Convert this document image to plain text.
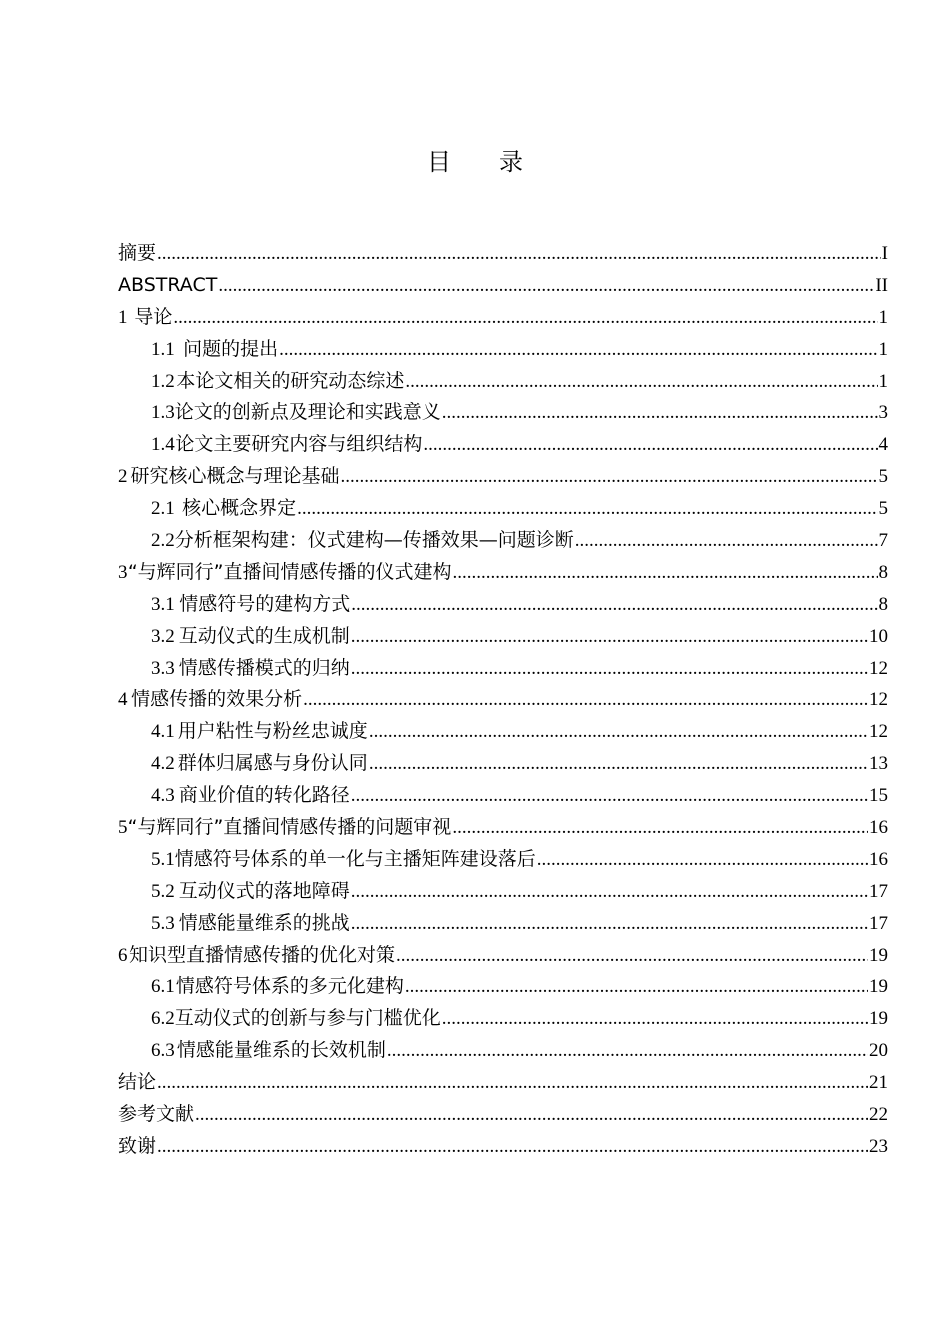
目录
摘要 .....	I
ABSTRACT .....	II
1 导论 .....	1
1.1 问题的提出 .....	1
1.2 本论文相关的研究动态综述 .....	1
1.3 论文的创新点及理论和实践意义 .....	3
1.4 论文主要研究内容与组织结构 .....	4
2 研究核心概念与理论基础 .....	5
2.1 核心概念界定 .....	5
2.2 分析框架构建：仪式建构—传播效果—问题诊断 .....	7
3 “与辉同行”直播间情感传播的仪式建构 .....	8
3.1 情感符号的建构方式 .....	8
3.2 互动仪式的生成机制 .....	10
3.3 情感传播模式的归纳 .....	12
4 情感传播的效果分析 .....	12
4.1 用户粘性与粉丝忠诚度 .....	12
4.2 群体归属感与身份认同 .....	13
4.3 商业价值的转化路径 .....	15
5 “与辉同行”直播间情感传播的问题审视 .....	16
5.1 情感符号体系的单一化与主播矩阵建设落后 .....	16
5.2 互动仪式的落地障碍 .....	17
5.3 情感能量维系的挑战 .....	17
6 知识型直播情感传播的优化对策 .....	19
6.1 情感符号体系的多元化建构 .....	19
6.2 互动仪式的创新与参与门槛优化 .....	19
6.3 情感能量维系的长效机制 .....	20
结论 .....	21
参考文献 .....	22
致谢 .....	23
